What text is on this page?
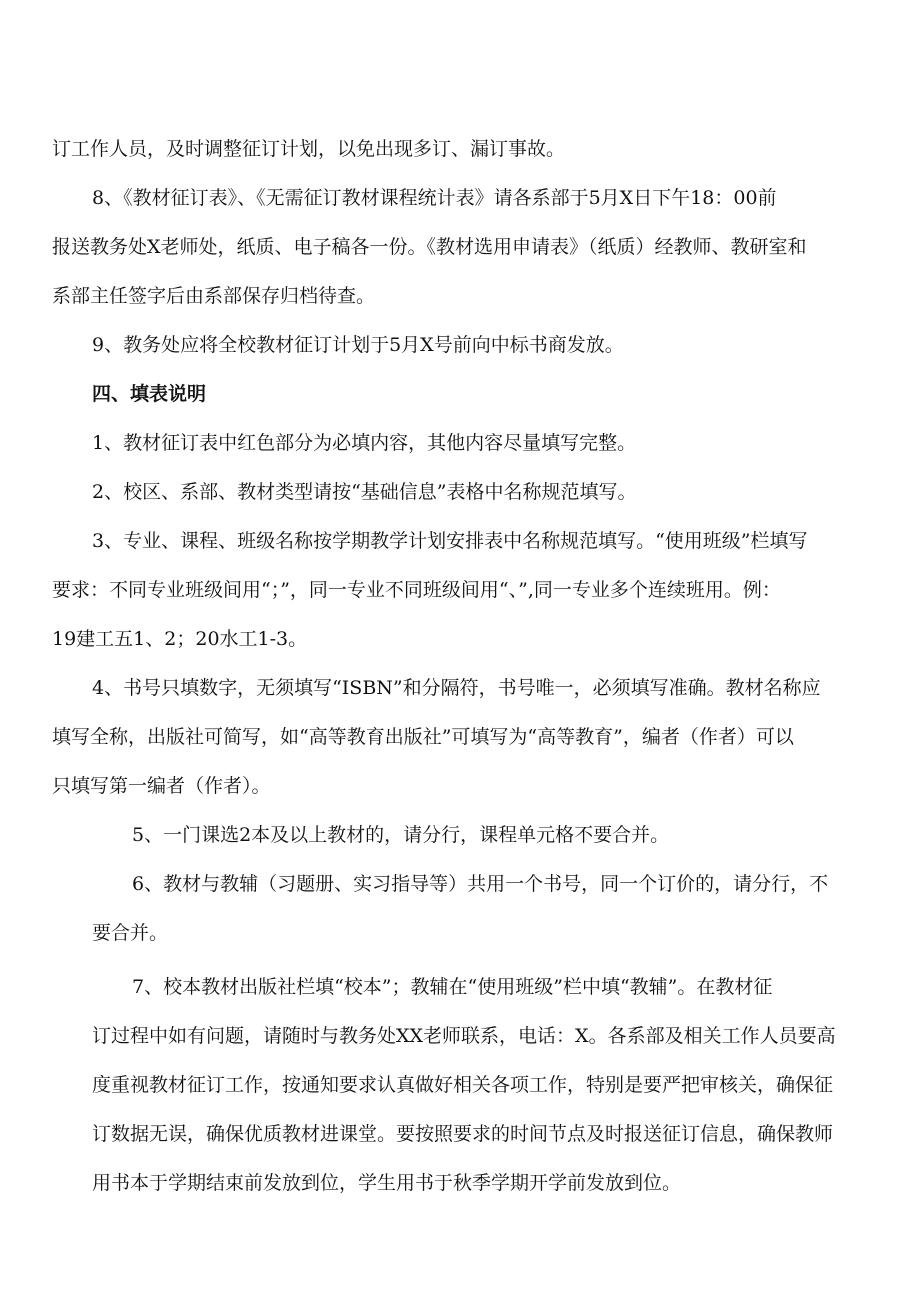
订工作人员，及时调整征订计划，以免出现多订、漏订事故。

8、《教材征订表》、《无需征订教材课程统计表》请各系部于5月X日下午18：00前

报送教务处X老师处，纸质、电子稿各一份。《教材选用申请表》（纸质）经教师、教研室和

系部主任签字后由系部保存归档待查。

9、教务处应将全校教材征订计划于5月X号前向中标书商发放。

四、填表说明

1、教材征订表中红色部分为必填内容，其他内容尽量填写完整。

2、校区、系部、教材类型请按“基础信息”表格中名称规范填写。

3、专业、课程、班级名称按学期教学计划安排表中名称规范填写。“使用班级”栏填写

要求：不同专业班级间用“；”，同一专业不同班级间用“、”,同一专业多个连续班用。例：

19建工五1、2；20水工1-3。

4、书号只填数字，无须填写“ISBN”和分隔符，书号唯一，必须填写准确。教材名称应

填写全称，出版社可简写，如“高等教育出版社”可填写为“高等教育”，编者（作者）可以

只填写第一编者（作者）。

5、一门课选2本及以上教材的，请分行，课程单元格不要合并。

6、教材与教辅（习题册、实习指导等）共用一个书号，同一个订价的，请分行，不

要合并。

7、校本教材出版社栏填“校本”；教辅在“使用班级”栏中填“教辅”。在教材征

订过程中如有问题，请随时与教务处XX老师联系，电话：X。各系部及相关工作人员要高

度重视教材征订工作，按通知要求认真做好相关各项工作，特别是要严把审核关，确保征

订数据无误，确保优质教材进课堂。要按照要求的时间节点及时报送征订信息，确保教师

用书本于学期结束前发放到位，学生用书于秋季学期开学前发放到位。
